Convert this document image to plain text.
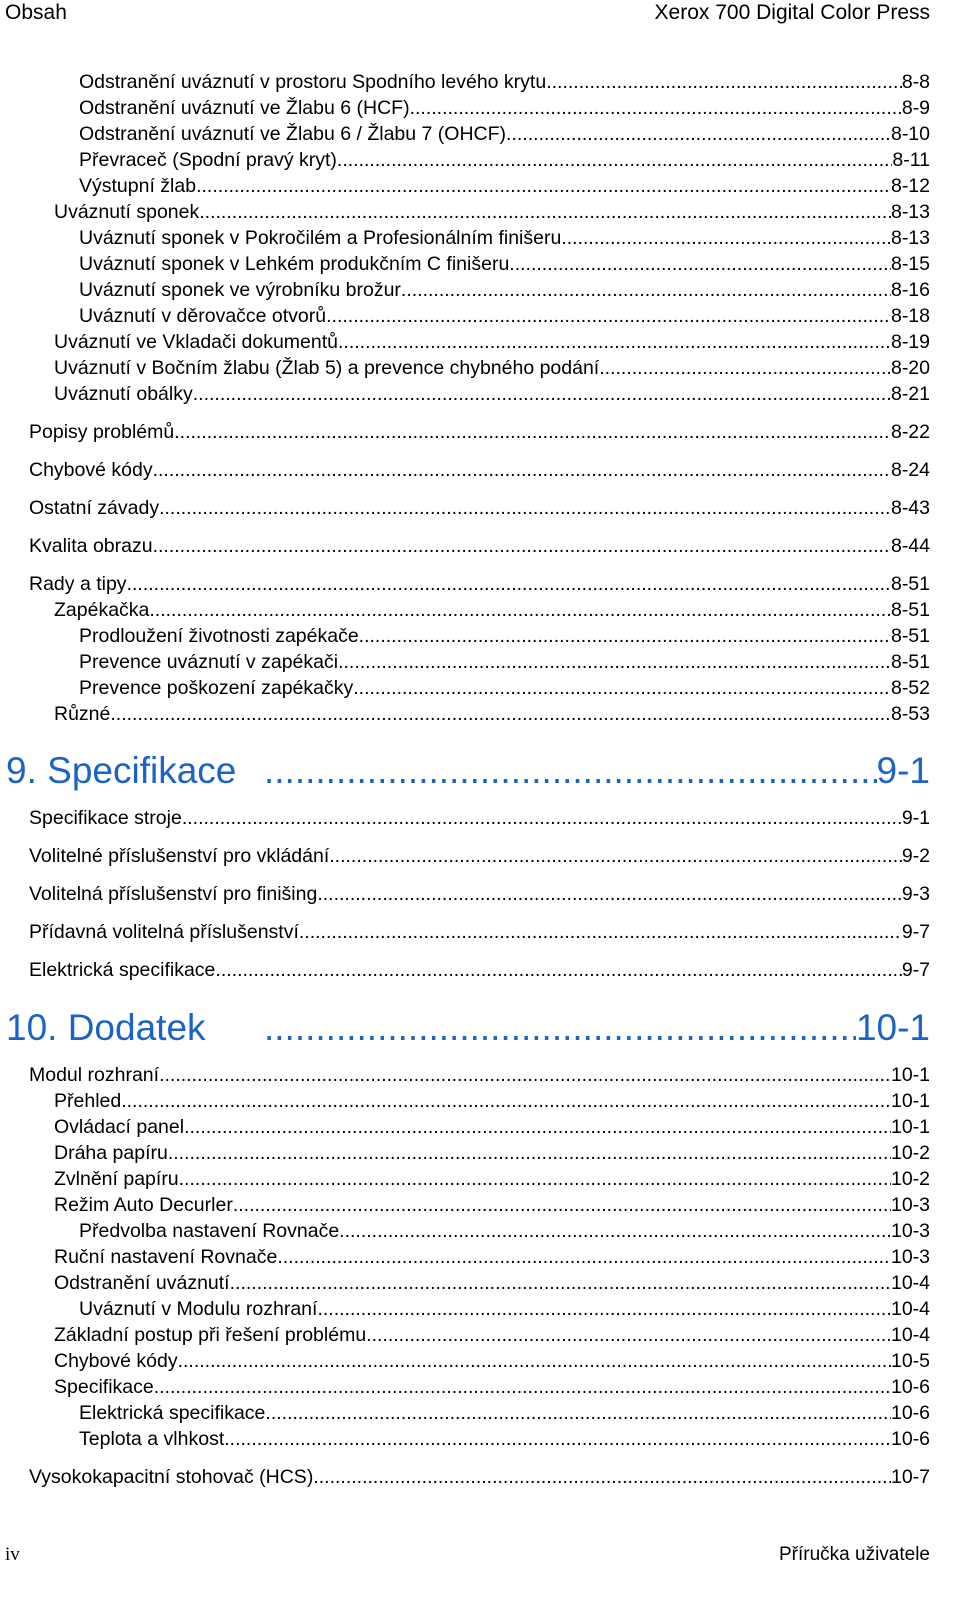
Obsah	Xerox 700 Digital Color Press
Odstranění uváznutí v prostoru Spodního levého krytu .....	8-8
Odstranění uváznutí ve Žlabu 6 (HCF) .....	8-9
Odstranění uváznutí ve Žlabu 6 / Žlabu 7 (OHCF) .....	8-10
Převraceč (Spodní pravý kryt) .....	8-11
Výstupní žlab .....	8-12
Uváznutí sponek .....	8-13
Uváznutí sponek v Pokročilém a Profesionálním finišeru .....	8-13
Uváznutí sponek v Lehkém produkčním C finišeru .....	8-15
Uváznutí sponek ve výrobníku brožur .....	8-16
Uváznutí v děrovačce otvorů .....	8-18
Uváznutí ve Vkladači dokumentů .....	8-19
Uváznutí v Bočním žlabu (Žlab 5) a prevence chybného podání .....	8-20
Uváznutí obálky .....	8-21
Popisy problémů .....	8-22
Chybové kódy .....	8-24
Ostatní závady .....	8-43
Kvalita obrazu .....	8-44
Rady a tipy .....	8-51
Zapékačka .....	8-51
Prodloužení životnosti zapékače .....	8-51
Prevence uváznutí v zapékači .....	8-51
Prevence poškození zapékačky .....	8-52
Různé .....	8-53
9. Specifikace .....	9-1
Specifikace stroje .....	9-1
Volitelné příslušenství pro vkládání .....	9-2
Volitelná příslušenství pro finišing .....	9-3
Přídavná volitelná příslušenství .....	9-7
Elektrická specifikace .....	9-7
10. Dodatek .....	10-1
Modul rozhraní .....	10-1
Přehled .....	10-1
Ovládací panel .....	10-1
Dráha papíru .....	10-2
Zvlnění papíru .....	10-2
Režim Auto Decurler .....	10-3
Předvolba nastavení Rovnače .....	10-3
Ruční nastavení Rovnače .....	10-3
Odstranění uváznutí .....	10-4
Uváznutí v Modulu rozhraní .....	10-4
Základní postup při řešení problému .....	10-4
Chybové kódy .....	10-5
Specifikace .....	10-6
Elektrická specifikace .....	10-6
Teplota a vlhkost .....	10-6
Vysokokapacitní stohovač (HCS) .....	10-7
iv	Příručka uživatele
